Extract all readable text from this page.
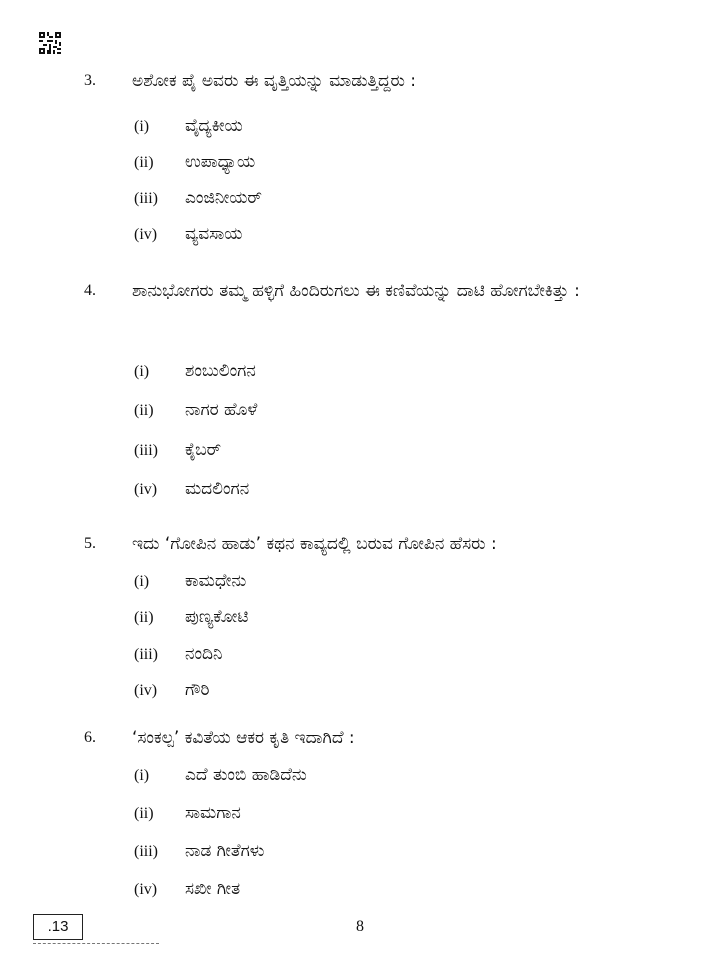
3. ಅಶೋಕ ಪೈ ಅವರು ಈ ವೃತ್ತಿಯನ್ನು ಮಾಡುತ್ತಿದ್ದರು :
(i) ವೈದ್ಯಕೀಯ
(ii) ಉಪಾಧ್ಯಾಯ
(iii) ಎಂಜಿನೀಯರ್
(iv) ವ್ಯವಸಾಯ
4. ಶಾನುಭೋಗರು ತಮ್ಮ ಹಳ್ಳಿಗೆ ಹಿಂದಿರುಗಲು ಈ ಕಣಿವೆಯನ್ನು ದಾಟಿ ಹೋಗಬೇಕಿತ್ತು :
(i) ಶಂಬುಲಿಂಗನ
(ii) ನಾಗರ ಹೊಳೆ
(iii) ಕೈಬರ್
(iv) ಮದಲಿಂಗನ
5. ಇದು ‘ಗೋಪಿನ ಹಾಡು’ ಕಥನ ಕಾವ್ಯದಲ್ಲಿ ಬರುವ ಗೋಪಿನ ಹೆಸರು :
(i) ಕಾಮಧೇನು
(ii) ಪುಣ್ಯಕೋಟಿ
(iii) ನಂದಿನಿ
(iv) ಗೌರಿ
6. ‘ಸಂಕಲ್ಪ’ ಕವಿತೆಯ ಆಕರ ಕೃತಿ ಇದಾಗಿದೆ :
(i) ಎದೆ ತುಂಬಿ ಹಾಡಿದೆನು
(ii) ಸಾಮಗಾನ
(iii) ನಾಡ ಗೀತೆಗಳು
(iv) ಸಖೀ ಗೀತ
.13	8
